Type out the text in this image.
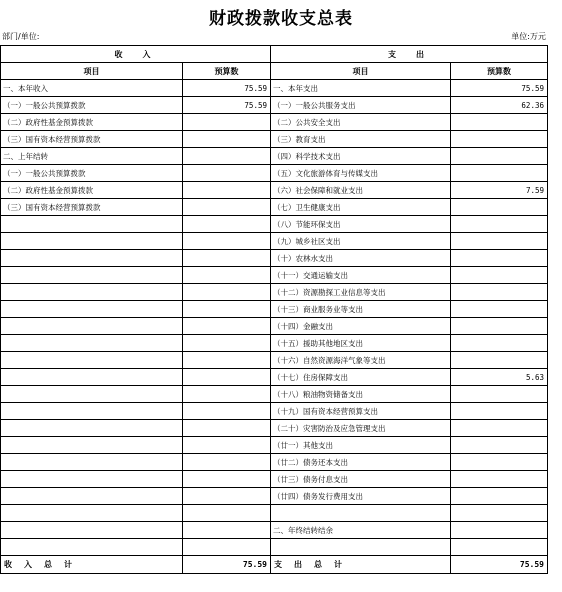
财政拨款收支总表
部门/单位:	单位:万元
收　入		支　出	
项目	预算数	项目	预算数
一、本年收入	75.59	一、本年支出	75.59
（一）一般公共预算拨款	75.59	（一）一般公共服务支出	62.36
（二）政府性基金预算拨款		（二）公共安全支出	
（三）国有资本经营预算拨款		（三）教育支出	
二、上年结转		（四）科学技术支出	
（一）一般公共预算拨款		（五）文化旅游体育与传媒支出	
（二）政府性基金预算拨款		（六）社会保障和就业支出	7.59
（三）国有资本经营预算拨款		（七）卫生健康支出	
		（八）节能环保支出	
		（九）城乡社区支出	
		（十）农林水支出	
		（十一）交通运输支出	
		（十二）资源勘探工业信息等支出	
		（十三）商业服务业等支出	
		（十四）金融支出	
		（十五）援助其他地区支出	
		（十六）自然资源海洋气象等支出	
		（十七）住房保障支出	5.63
		（十八）粮油物资储备支出	
		（十九）国有资本经营预算支出	
		（二十）灾害防治及应急管理支出	
		（廿一）其他支出	
		（廿二）债务还本支出	
		（廿三）债务付息支出	
		（廿四）债务发行费用支出	

		二、年终结转结余	

收　入　总　计	75.59	支　出　总　计	75.59
